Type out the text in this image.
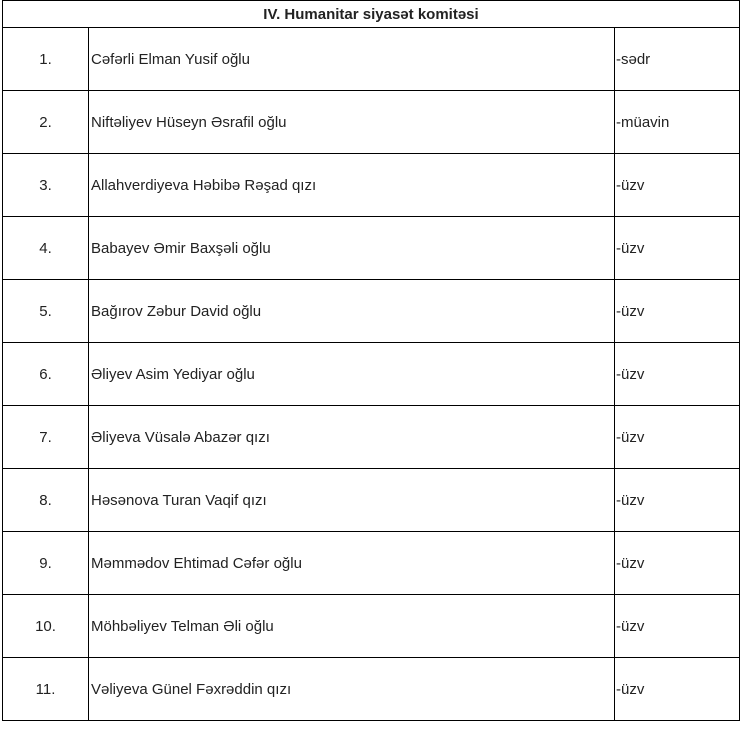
IV. Humanitar siyasət komitəsi		
1.	Cəfərli Elman Yusif oğlu	-sədr
2.	Niftəliyev Hüseyn Əsrafil oğlu	-müavin
3.	Allahverdiyeva Həbibə Rəşad qızı	-üzv
4.	Babayev Əmir Baxşəli oğlu	-üzv
5.	Bağırov Zəbur David oğlu	-üzv
6.	Əliyev Asim Yediyar oğlu	-üzv
7.	Əliyeva Vüsalə Abazər qızı	-üzv
8.	Həsənova Turan Vaqif qızı	-üzv
9.	Məmmədov Ehtimad Cəfər oğlu	-üzv
10.	Möhbəliyev Telman Əli oğlu	-üzv
11.	Vəliyeva Günel Fəxrəddin qızı	-üzv
